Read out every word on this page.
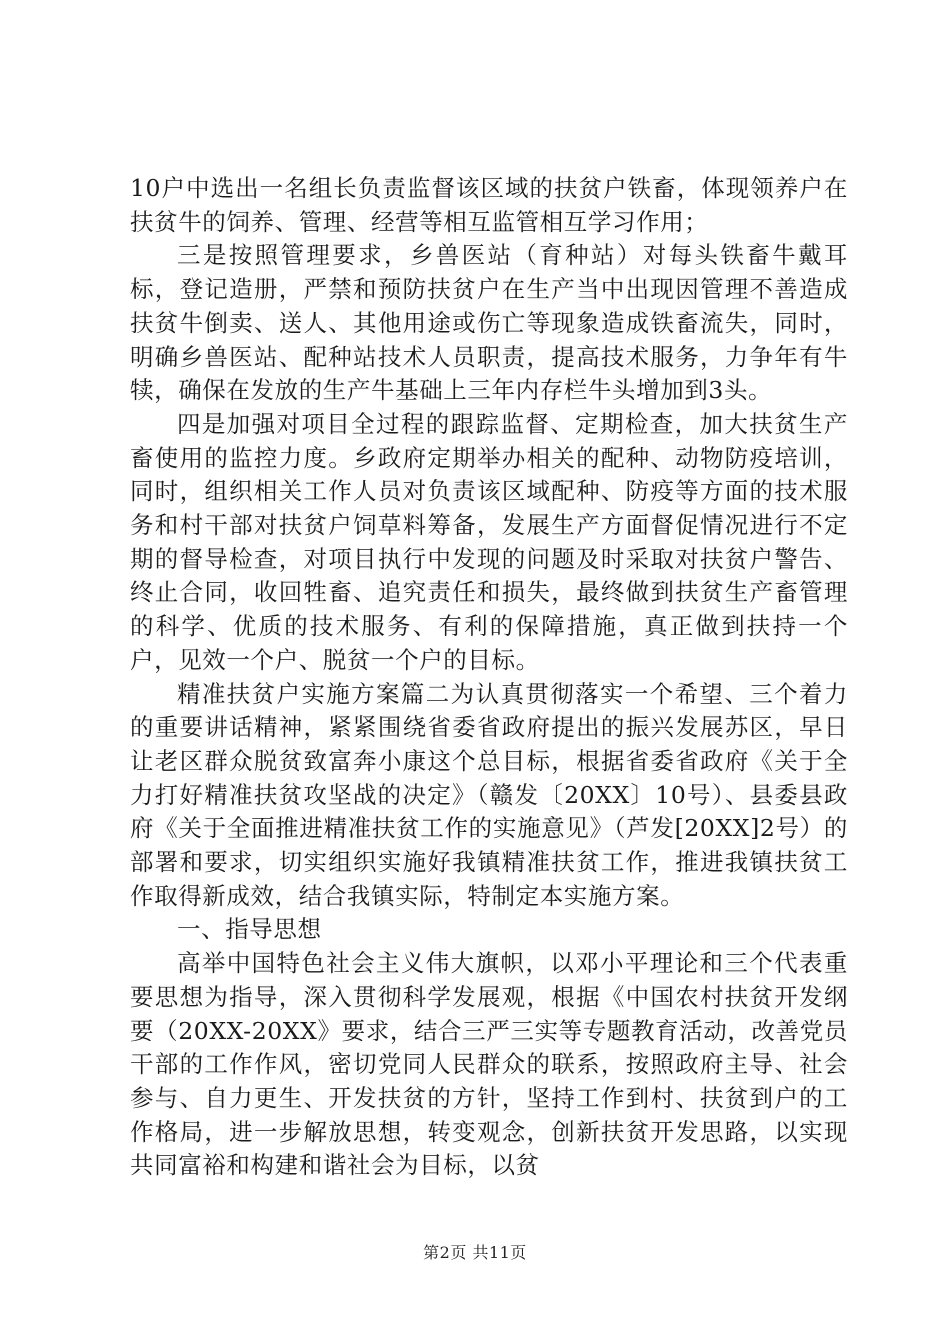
10户中选出一名组长负责监督该区域的扶贫户铁畜，体现领养户在扶贫牛的饲养、管理、经营等相互监管相互学习作用；

三是按照管理要求，乡兽医站（育种站）对每头铁畜牛戴耳标，登记造册，严禁和预防扶贫户在生产当中出现因管理不善造成扶贫牛倒卖、送人、其他用途或伤亡等现象造成铁畜流失，同时，明确乡兽医站、配种站技术人员职责，提高技术服务，力争年有牛犊，确保在发放的生产牛基础上三年内存栏牛头增加到3头。

四是加强对项目全过程的跟踪监督、定期检查，加大扶贫生产畜使用的监控力度。乡政府定期举办相关的配种、动物防疫培训，同时，组织相关工作人员对负责该区域配种、防疫等方面的技术服务和村干部对扶贫户饲草料筹备，发展生产方面督促情况进行不定期的督导检查，对项目执行中发现的问题及时采取对扶贫户警告、终止合同，收回牲畜、追究责任和损失，最终做到扶贫生产畜管理的科学、优质的技术服务、有利的保障措施，真正做到扶持一个户，见效一个户、脱贫一个户的目标。

精准扶贫户实施方案篇二为认真贯彻落实一个希望、三个着力的重要讲话精神，紧紧围绕省委省政府提出的振兴发展苏区，早日让老区群众脱贫致富奔小康这个总目标，根据省委省政府《关于全力打好精准扶贫攻坚战的决定》（赣发〔20XX〕10号）、县委县政府《关于全面推进精准扶贫工作的实施意见》（芦发[20XX]2号）的部署和要求，切实组织实施好我镇精准扶贫工作，推进我镇扶贫工作取得新成效，结合我镇实际，特制定本实施方案。

一、指导思想

高举中国特色社会主义伟大旗帜，以邓小平理论和三个代表重要思想为指导，深入贯彻科学发展观，根据《中国农村扶贫开发纲要（20XX-20XX》要求，结合三严三实等专题教育活动，改善党员干部的工作作风，密切党同人民群众的联系，按照政府主导、社会参与、自力更生、开发扶贫的方针，坚持工作到村、扶贫到户的工作格局，进一步解放思想，转变观念，创新扶贫开发思路，以实现共同富裕和构建和谐社会为目标，以贫

第2页 共11页
